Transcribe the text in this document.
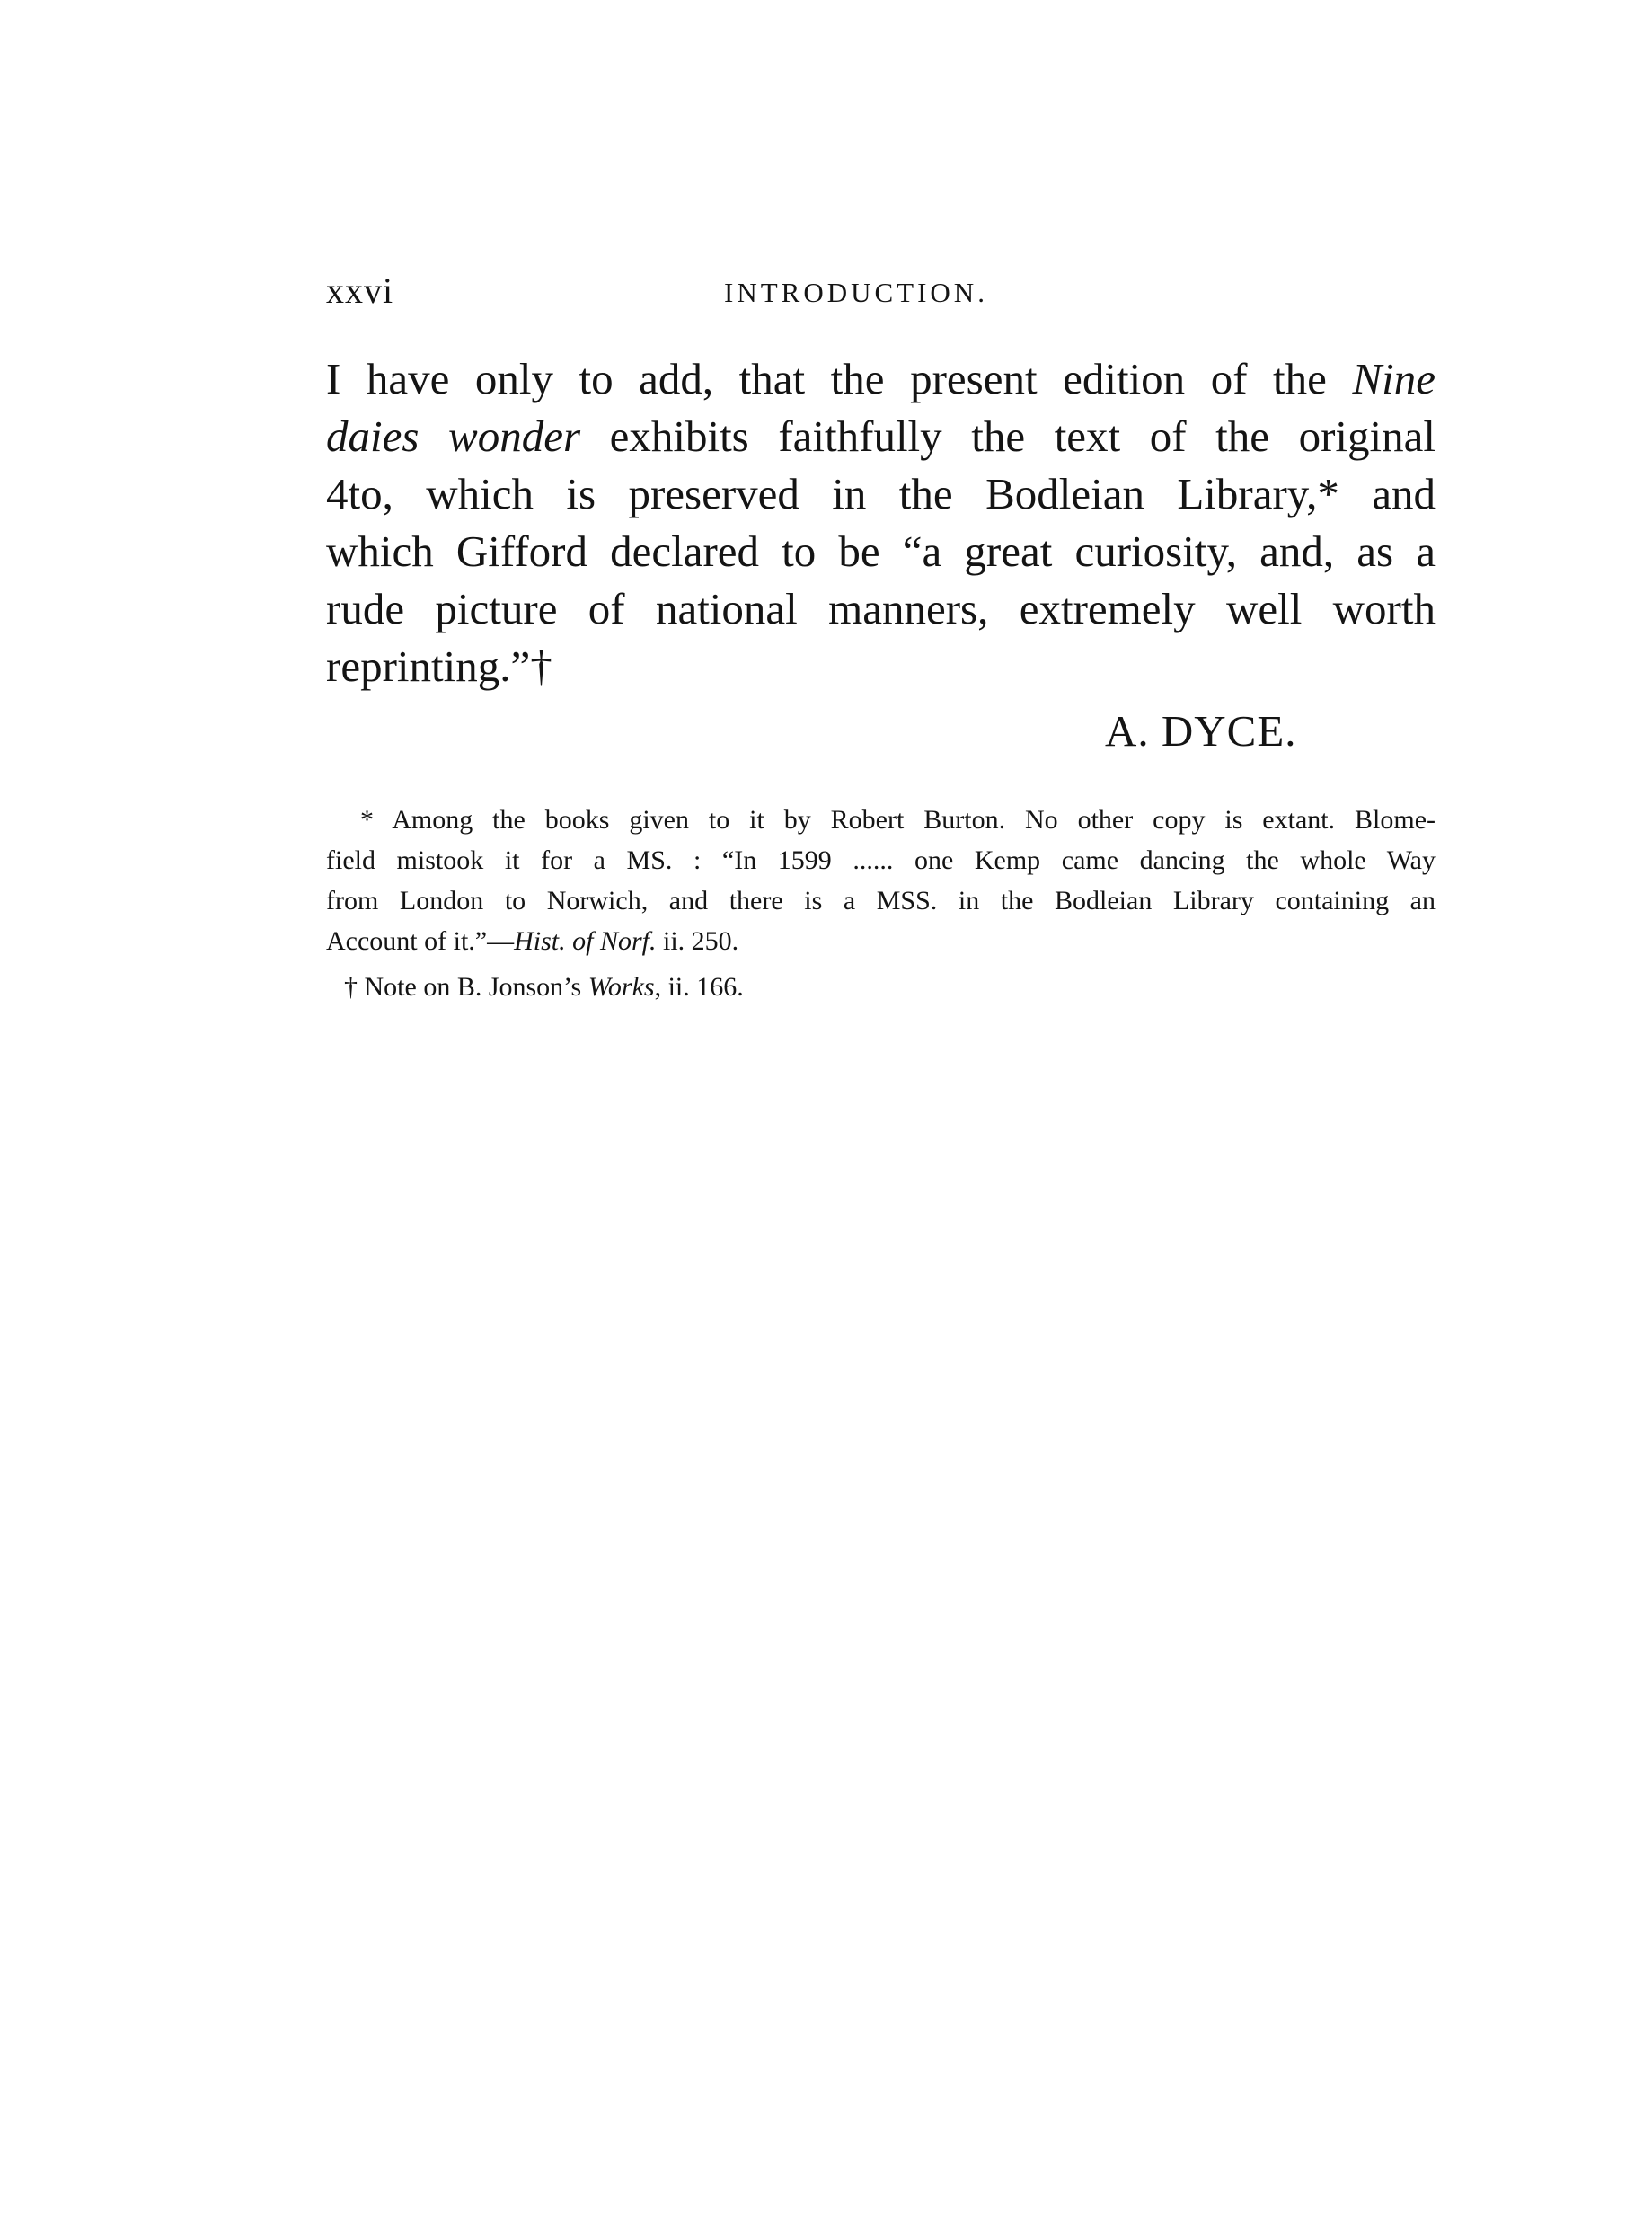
xxvi	INTRODUCTION.
I have only to add, that the present edition of the Nine
daies wonder exhibits faithfully the text of the original
4to, which is preserved in the Bodleian Library,* and
which Gifford declared to be “a great curiosity, and, as a
rude picture of national manners, extremely well worth
reprinting.”†
A. DYCE.
* Among the books given to it by Robert Burton. No other copy is extant. Blome-
field mistook it for a MS. : “In 1599 ...... one Kemp came dancing the whole Way
from London to Norwich, and there is a MSS. in the Bodleian Library containing an
Account of it.”—Hist. of Norf. ii. 250.
† Note on B. Jonson’s Works, ii. 166.
